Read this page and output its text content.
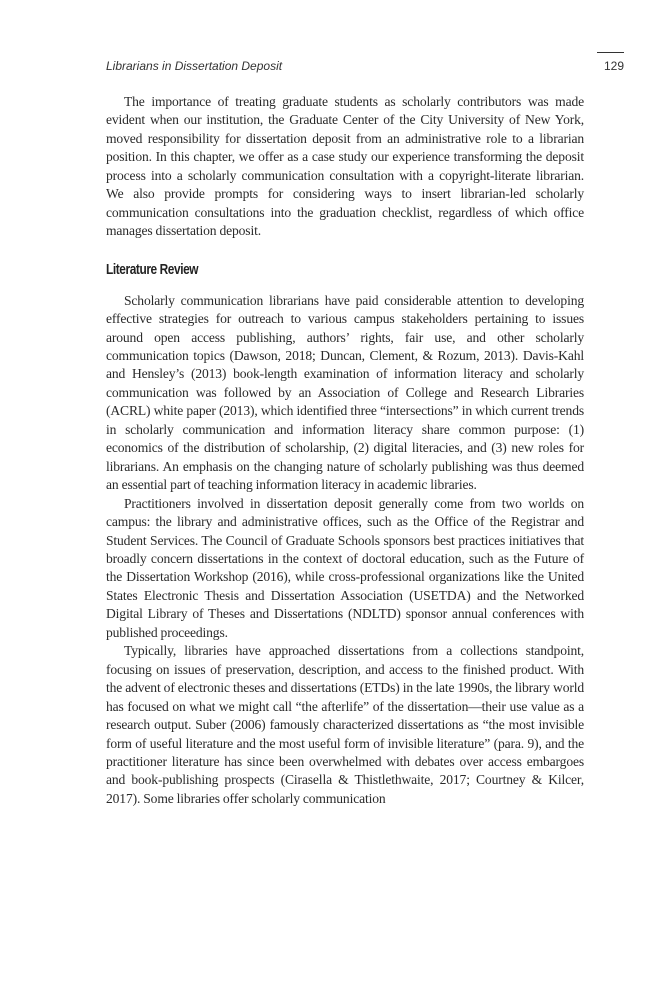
Librarians in Dissertation Deposit	129

The importance of treating graduate students as scholarly contributors was made evident when our institution, the Graduate Center of the City University of New York, moved responsibility for dissertation deposit from an administrative role to a librarian position. In this chapter, we offer as a case study our experience transforming the deposit process into a scholarly communication consultation with a copyright-literate librarian. We also provide prompts for considering ways to insert librarian-led scholarly communication consultations into the graduation checklist, regardless of which office manages dissertation deposit.

Literature Review

Scholarly communication librarians have paid considerable attention to developing effective strategies for outreach to various campus stakeholders pertaining to issues around open access publishing, authors’ rights, fair use, and other scholarly communication topics (Dawson, 2018; Duncan, Clement, & Rozum, 2013). Davis-Kahl and Hensley’s (2013) book-length examination of information literacy and scholarly communication was followed by an Association of College and Research Libraries (ACRL) white paper (2013), which identified three “intersections” in which current trends in scholarly communication and information literacy share common purpose: (1) economics of the distribution of scholarship, (2) digital literacies, and (3) new roles for librarians. An emphasis on the changing nature of scholarly publishing was thus deemed an essential part of teaching information literacy in academic libraries.

Practitioners involved in dissertation deposit generally come from two worlds on campus: the library and administrative offices, such as the Office of the Registrar and Student Services. The Council of Graduate Schools sponsors best practices initiatives that broadly concern dissertations in the context of doctoral education, such as the Future of the Dissertation Workshop (2016), while cross-professional organizations like the United States Electronic Thesis and Dissertation Association (USETDA) and the Networked Digital Library of Theses and Dissertations (NDLTD) sponsor annual conferences with published proceedings.

Typically, libraries have approached dissertations from a collections standpoint, focusing on issues of preservation, description, and access to the finished product. With the advent of electronic theses and dissertations (ETDs) in the late 1990s, the library world has focused on what we might call “the afterlife” of the dissertation—their use value as a research output. Suber (2006) famously characterized dissertations as “the most invisible form of useful literature and the most useful form of invisible literature” (para. 9), and the practitioner literature has since been overwhelmed with debates over access embargoes and book-publishing prospects (Cirasella & Thistlethwaite, 2017; Courtney & Kilcer, 2017). Some libraries offer scholarly communication
